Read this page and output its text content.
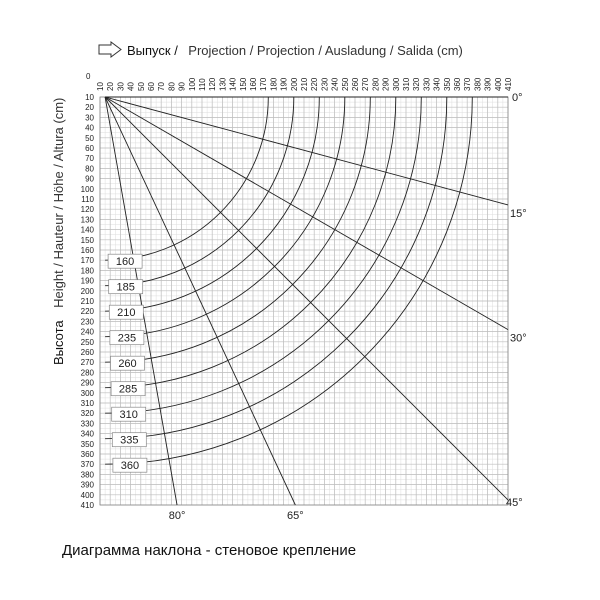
10 20 30 40 50 60 70 80 90 100 110 120 130 140 150 160 170 180 190 200 210 220 230 240 250 260 270 280 290 300 310 320 330 340 350 360 370 380 390 400 410
10
20
30
40
50
60
70
80
90
100
110
120
130
140
150
160
170
180
190
200
210
220
230
240
250
260
270
280
290
300
310
320
330
340
350
360
370
380
390
400
410
160
185
210
235
260
285
310
335
360
0°
15°
30°
45°
65°
80°
0
Выпуск / Projection / Projection / Ausladung / Salida (cm)
Высота Height / Hauteur / Höhe / Altura (cm)
Диаграмма наклона - стеновое крепление
